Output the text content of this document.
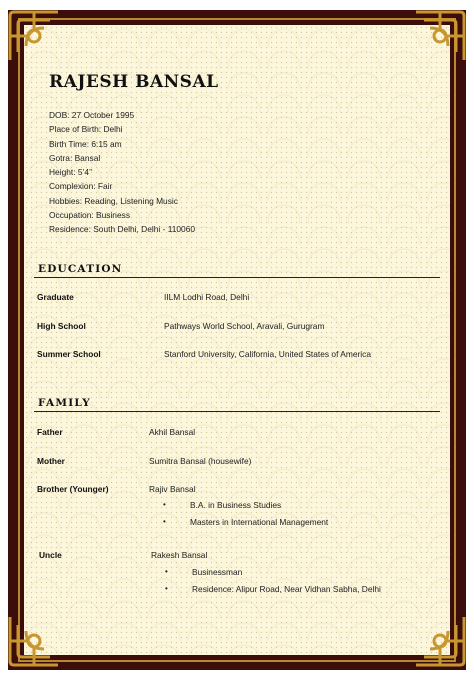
RAJESH BANSAL
DOB: 27 October 1995
Place of Birth: Delhi
Birth Time: 6:15 am
Gotra: Bansal
Height: 5’4’’
Complexion: Fair
Hobbies: Reading, Listening Music
Occupation: Business
Residence: South Delhi, Delhi - 110060
EDUCATION
Graduate	IILM Lodhi Road, Delhi
High School	Pathways World School, Aravali, Gurugram
Summer School	Stanford University, California, United States of America
FAMILY
Father	Akhil Bansal
Mother	Sumitra Bansal (housewife)
Brother (Younger)	Rajiv Bansal
•	B.A. in Business Studies
•	Masters in International Management
Uncle	Rakesh Bansal
•	Businessman
•	Residence: Alipur Road, Near Vidhan Sabha, Delhi
